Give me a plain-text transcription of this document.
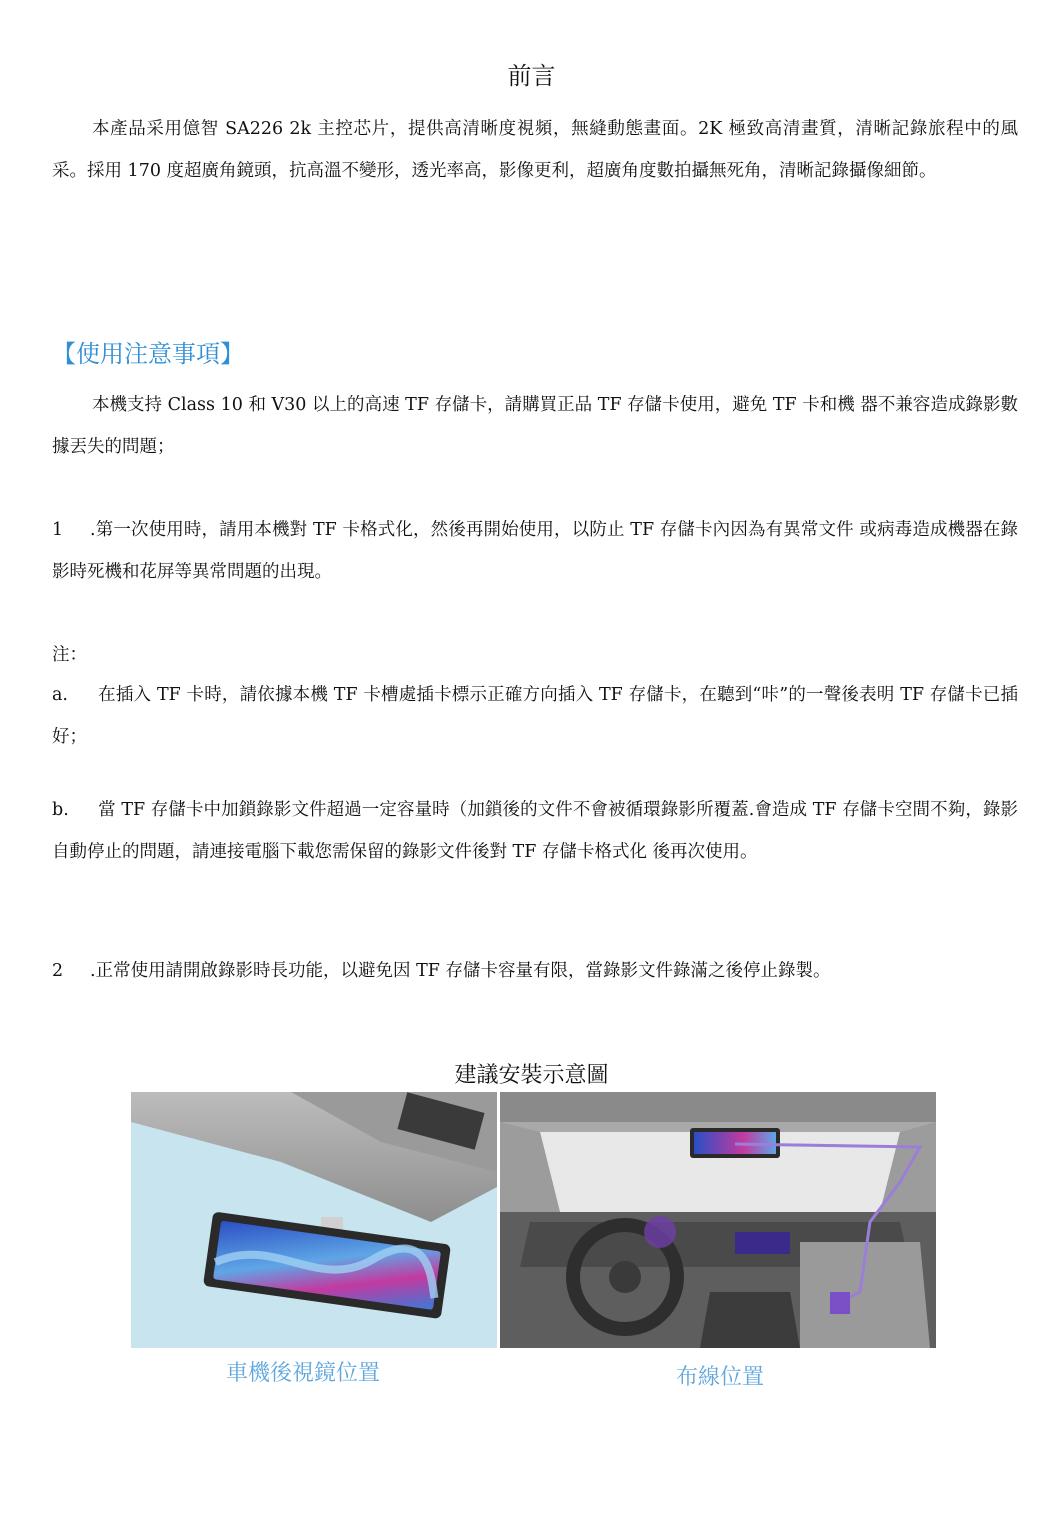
前言

本產品采用億智 SA226 2k 主控芯片，提供高清晰度視頻，無縫動態畫面。2K 極致高清畫質，清晰記錄旅程中的風采。採用 170 度超廣角鏡頭，抗高溫不變形，透光率高，影像更利，超廣角度數拍攝無死角，清晰記錄攝像細節。

【使用注意事項】

本機支持 Class 10 和 V30 以上的高速 TF 存儲卡，請購買正品 TF 存儲卡使用，避免 TF 卡和機 器不兼容造成錄影數據丟失的問題；

1 .第一次使用時，請用本機對 TF 卡格式化，然後再開始使用，以防止 TF 存儲卡內因為有異常文件 或病毒造成機器在錄影時死機和花屏等異常問題的出現。

注：

a. 在插入 TF 卡時，請依據本機 TF 卡槽處插卡標示正確方向插入 TF 存儲卡，在聽到“咔”的一聲後表明 TF 存儲卡已插好；

b. 當 TF 存儲卡中加鎖錄影文件超過一定容量時（加鎖後的文件不會被循環錄影所覆蓋.會造成 TF 存儲卡空間不夠，錄影自動停止的問題，請連接電腦下載您需保留的錄影文件後對 TF 存儲卡格式化 後再次使用。

2 .正常使用請開啟錄影時長功能，以避免因 TF 存儲卡容量有限，當錄影文件錄滿之後停止錄製。

建議安裝示意圖
車機後視鏡位置	布線位置
